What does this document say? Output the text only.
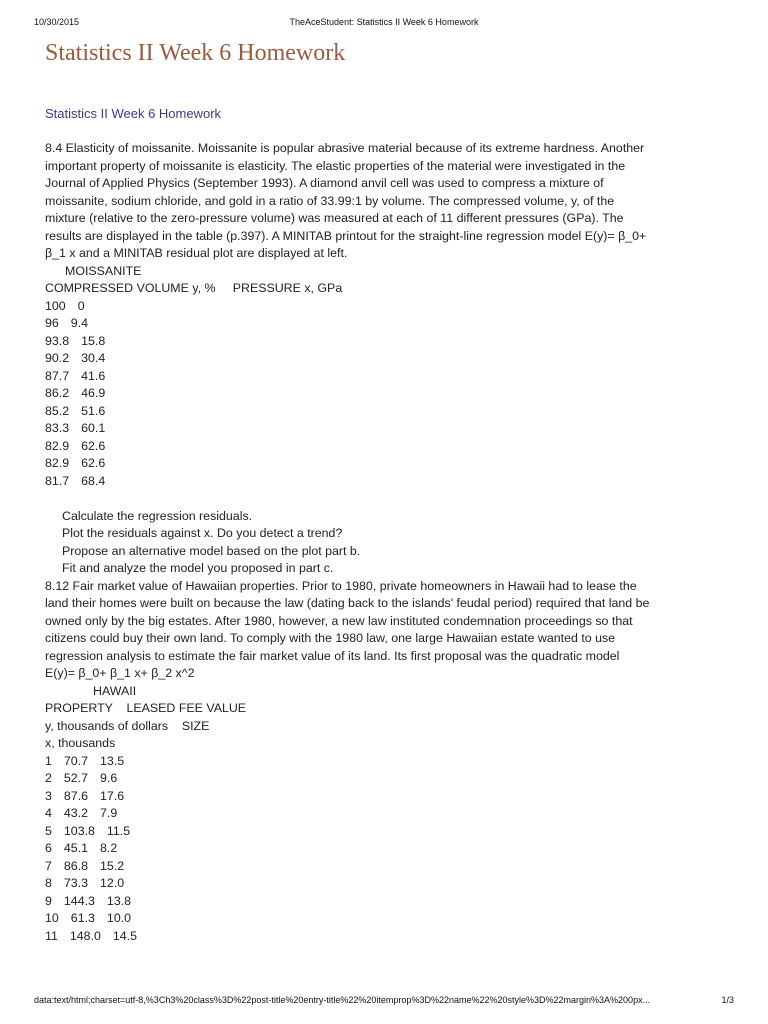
10/30/2015	TheAceStudent: Statistics II Week 6 Homework
Statistics II Week 6 Homework
Statistics II Week 6 Homework

8.4 Elasticity of moissanite. Moissanite is popular abrasive material because of its extreme hardness. Another important property of moissanite is elasticity. The elastic properties of the material were investigated in the Journal of Applied Physics (September 1993). A diamond anvil cell was used to compress a mixture of moissanite, sodium chloride, and gold in a ratio of 33.99:1 by volume. The compressed volume, y, of the mixture (relative to the zero-pressure volume) was measured at each of 11 different pressures (GPa). The results are displayed in the table (p.397). A MINITAB printout for the straight-line regression model E(y)= β_0+ β_1 x and a MINITAB residual plot are displayed at left.

MOISSANITE

COMPRESSED VOLUME y, %     PRESSURE x, GPa

100 0
96 9.4
93.8 15.8
90.2 30.4
87.7 41.6
86.2 46.9
85.2 51.6
83.3 60.1
82.9 62.6
82.9 62.6
81.7 68.4

Calculate the regression residuals.

Plot the residuals against x. Do you detect a trend?

Propose an alternative model based on the plot part b.

Fit and analyze the model you proposed in part c.

8.12 Fair market value of Hawaiian properties. Prior to 1980, private homeowners in Hawaii had to lease the land their homes were built on because the law (dating back to the islands' feudal period) required that land be owned only by the big estates. After 1980, however, a new law instituted condemnation proceedings so that citizens could buy their own land. To comply with the 1980 law, one large Hawaiian estate wanted to use regression analysis to estimate the fair market value of its land. Its first proposal was the quadratic model

E(y)= β_0+ β_1 x+ β_2 x^2

HAWAII

PROPERTY    LEASED FEE VALUE

y, thousands of dollars    SIZE

x, thousands

1 70.7 13.5
2 52.7 9.6
3 87.6 17.6
4 43.2 7.9
5 103.8 11.5
6 45.1 8.2
7 86.8 15.2
8 73.3 12.0
9 144.3 13.8
10 61.3 10.0
11 148.0 14.5
data:text/html;charset=utf-8,%3Ch3%20class%3D%22post-title%20entry-title%22%20itemprop%3D%22name%22%20style%3D%22margin%3A%200px...	1/3
